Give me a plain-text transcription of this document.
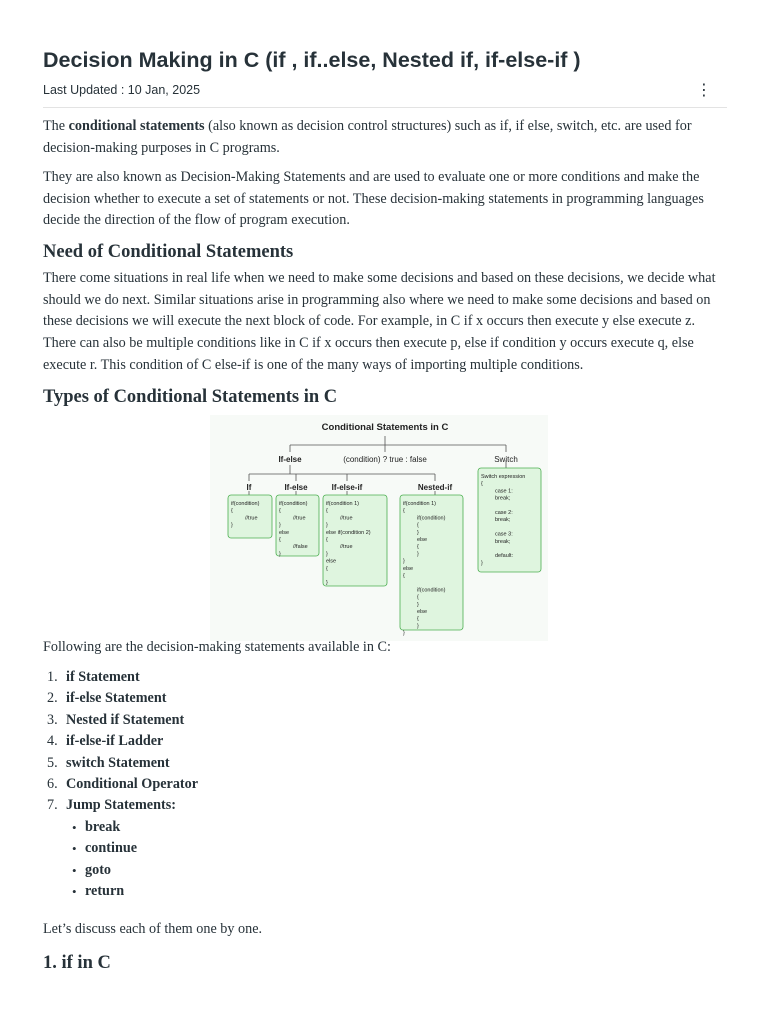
Decision Making in C (if , if..else, Nested if, if-else-if )
Last Updated : 10 Jan, 2025	⋮

The conditional statements (also known as decision control structures) such as if, if else, switch, etc. are used for decision-making purposes in C programs.

They are also known as Decision-Making Statements and are used to evaluate one or more conditions and make the decision whether to execute a set of statements or not. These decision-making statements in programming languages decide the direction of the flow of program execution.

Need of Conditional Statements

There come situations in real life when we need to make some decisions and based on these decisions, we decide what should we do next. Similar situations arise in programming also where we need to make some decisions and based on these decisions we will execute the next block of code. For example, in C if x occurs then execute y else execute z. There can also be multiple conditions like in C if x occurs then execute p, else if condition y occurs execute q, else execute r. This condition of C else-if is one of the many ways of importing multiple conditions.

Types of Conditional Statements in C
Conditional Statements in C
If-else	(condition) ? true : false	Switch
If	If-else	If-else-if	Nested-if
if(condition)
{
//true
}
if(condition)
{
//true
}
else
{
//false
}
if(condition 1)
{
//true
}
else if(condition 2)
{
//true
}
else
{
}
if(condition 1)
{
if(condition)
{
}
else
{
}
}
else
{
if(condition)
{
}
else
{
}
}
Switch expression
{
case 1:
break;
case 2:
break;
case 3:
break;
default:
}

Following are the decision-making statements available in C:

1. if Statement
2. if-else Statement
3. Nested if Statement
4. if-else-if Ladder
5. switch Statement
6. Conditional Operator
7. Jump Statements:
• break
• continue
• goto
• return

Let’s discuss each of them one by one.

1. if in C
